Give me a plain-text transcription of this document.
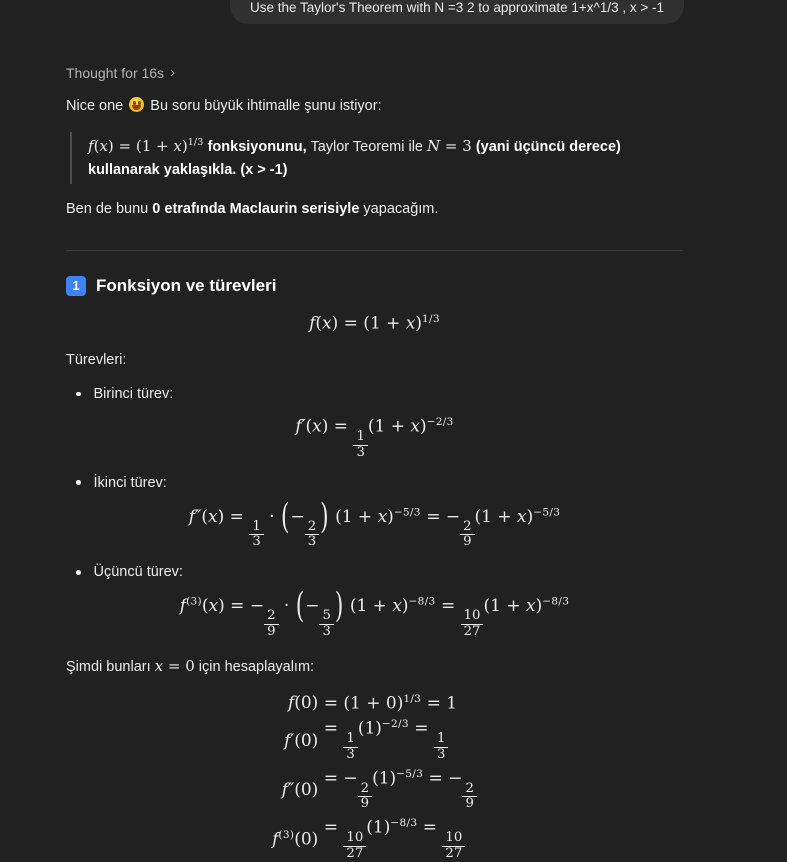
Use the Taylor's Theorem with N =3 2 to approximate 1+x^1/3 , x > -1
Thought for 16s ›

Nice one
Bu soru büyük ihtimalle şunu istiyor:

$f(x) = (1 + x)^{1/3}$ fonksiyonunu, Taylor Teoremi ile N = 3 (yani üçüncü derece) kullanarak yaklaşıkla. (x > -1)

Ben de bunu 0 etrafında Maclaurin serisiyle yapacağım.

1 Fonksiyon ve türevleri
$f(x) = (1 + x)^{1/3}$

Türevleri:

Birinci türev:
f′(x) =
$\frac{1}{3}$
$(1 + x)^{-2/3}$
İkinci türev:
f″(x) =
$\frac{1}{3}$
· (−
$\frac{2}{3}$ ) $(1 + x)^{-5/3}$ = −
$\frac{2}{9}$
$(1 + x)^{-5/3}$
Üçüncü türev:
$f^{(3)}(x)$ = −
$\frac{2}{9}$
· (−
$\frac{5}{3}$ ) $(1 + x)^{-8/3}$ =
$\frac{10}{27}$
$(1 + x)^{-8/3}$

Şimdi bunları x = 0 için hesaplayalım:

$f(0) = (1 + 0)^{1/3} = 1$
f′(0)
=
$\frac{1}{3}$
$(1)^{-2/3}$ =
$\frac{1}{3}$
f″(0)
= −
$\frac{2}{9}$
$(1)^{-5/3}$ = −
$\frac{2}{9}$
$f^{(3)}(0)$
=
$\frac{10}{27}$
$(1)^{-8/3}$ =
$\frac{10}{27}$
